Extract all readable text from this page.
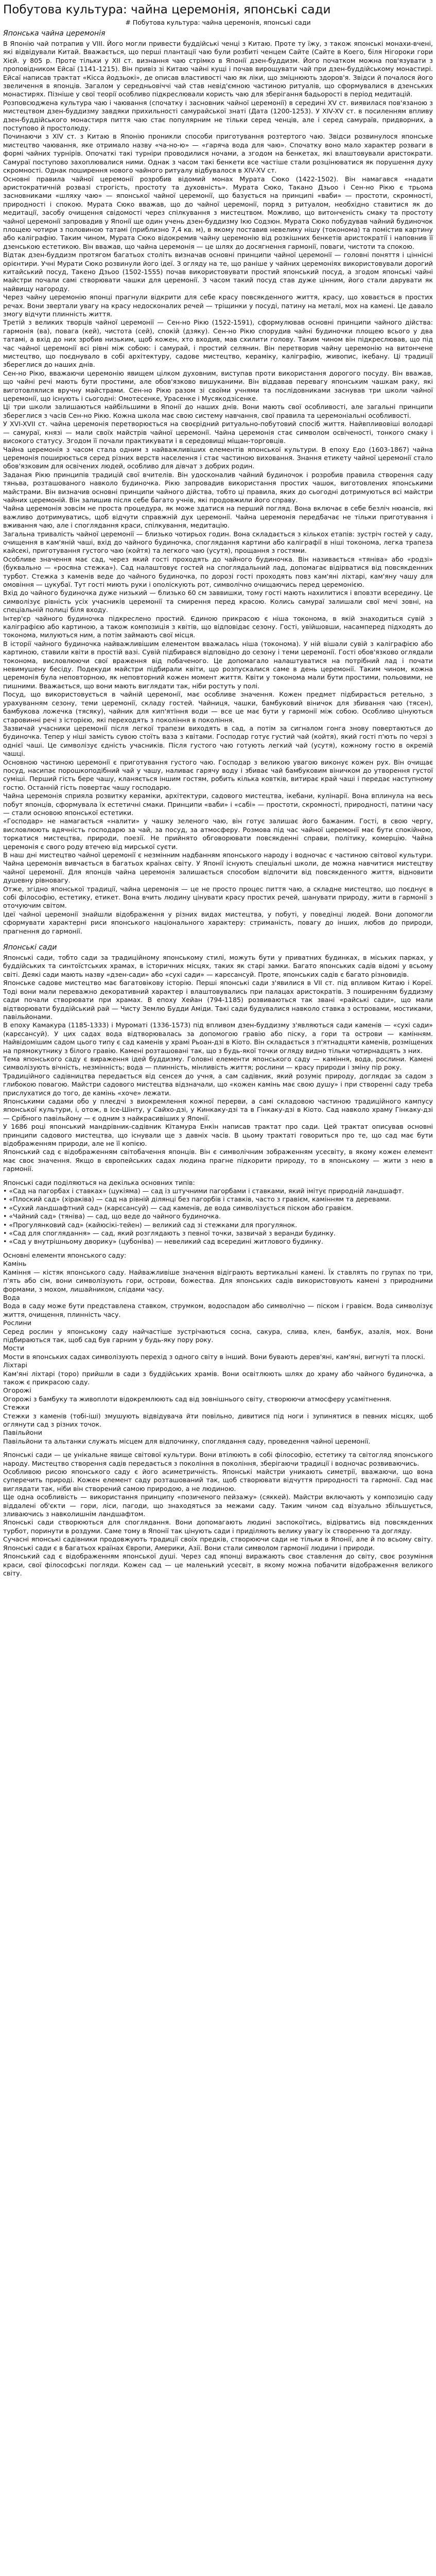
Побутова культура: чайна церемонія, японські сади
# Побутова культура: чайна церемонія, японські сади
Японська чайна церемонія

В Японію чай потрапив у VIII. Його могли привести буддійські ченці з Китаю. Проте ту їжу, з також японські монахи-вчені, які відвідували Китай. Вважається, що перші плантації чаю були розбиті ченцем Сайте (Сайте в Коего, біля Нігороки гори Хієй. у 805 р. Проте тільки у XII ст. визнання чаю стрімко в Японії дзен-буддизм. Його початком можна пов'язувати з проповідником Ейсаї (1141-1215). Він привіз зі Китаю чайні кущі і почав вирощувати чай при дзен-буддійському монастирі. Ейсаї написав трактат «Кісса йодзьокі», де описав властивості чаю як ліки, що зміцнюють здоров'я. Звідси й почалося його звеличення в японців. Загалом у середньовіччі чай став невід'ємною частиною ритуалів, що сформувалися в дзенських монастирях. Пізніше у свої теорії особливо підкреслювали користь чаю для зберігання бадьорості в період медитацій.

Розповсюджена культура чаю і чаювання (спочатку і засновник чайної церемонії) в середині XV ст. виявилася пов'язаною з мистецтвом дзен-буддизму завдяки прихильності самурайської знаті (Дата (1200-1253). У XIV-XV ст. в посиленням впливу дзен-буддійського монастиря пиття чаю стає популярним не тільки серед ченців, але і серед самураїв, придворних, а поступово й простолюду.

Починаючи з XIV ст. з Китаю в Японію проникли способи приготування розтертого чаю. Звідси розвинулося японське мистецтво чаювання, яке отримало назву «ча-но-ю» — «гаряча вода для чаю». Спочатку воно мало характер розваги в формі чайних турнірів. Опочаткі такі турніри проводилися ночами, а згодом на бенкетах, які влаштовували аристократи. Самураї поступово захоплювалися ними. Однак з часом такі бенкети все частіше стали розцінюватися як порушення духу скромності. Однак поширення нового чайного ритуалу відбувалося в XIV-XV ст.

Основні правила чайної церемонії розробив відомий монах Мурата Сюко (1422-1502). Він намагався «надати аристократичній розвазі строгість, простоту та духовність». Мурата Сюко, Такано Дзьоо і Сен-но Рікю є трьома засновниками «шляху чаю» — японської чайної церемонії, що базується на принципі «ваби» — простоти, скромності, природності і спокою. Мурата Сюко вважав, що до чайної церемонії, поряд з ритуалом, необхідно ставитися як до медитації, засобу очищення свідомості через спілкування з мистецтвом. Можливо, що витонченість смаку та простоту чайної церемонії запровадив у Японії ще один учень дзен-буддизму Ікю Содзюн. Мурата Сюко побудував чайний будиночок площею чотири з половиною татамі (приблизно 7,4 кв. м), в якому поставив невелику нішу (токонома) та помістив картину або каліграфію. Таким чином, Мурата Сюко відокремив чайну церемонію від розкішних бенкетів аристократії і наповнив її дзенською естетикою. Він вважав, що чайна церемонія — це шлях до досягнення гармонії, поваги, чистоти та спокою.

Відтак дзен-буддизм протягом багатьох століть визначав основні принципи чайної церемонії — головні поняття і ціннісні орієнтири. Учні Мурати Сюко розвинули його ідеї. З огляду на те, що раніше у чайних церемоніях використовували дорогий китайський посуд, Такено Дзьоо (1502-1555) почав використовувати простий японський посуд, а згодом японські чайні майстри почали самі створювати чашки для церемонії. З часом такий посуд став дуже цінним, його стали дарувати як найвищу нагороду.

Через чайну церемонію японці прагнули відкрити для себе красу повсякденного життя, красу, що ховається в простих речах. Вони звертали увагу на красу недосконалих речей — тріщинки у посуді, патину на металі, мох на камені. Це давало змогу відчути плинність життя.

Третій з великих творців чайної церемонії — Сен-но Рікю (1522-1591), сформулював основні принципи чайного дійства: гармонія (ва), повага (кей), чистота (сей), спокій (дзяку). Сен-но Рікю спорудив чайні будиночки площею всього у два татамі, а вхід до них зробив низьким, щоб кожен, хто входив, мав схилити голову. Таким чином він підкреслював, що під час чайної церемонії всі рівні між собою: і самурай, і простий селянин. Він перетворив чайну церемонію на витончене мистецтво, що поєднувало в собі архітектуру, садове мистецтво, кераміку, каліграфію, живопис, ікебану. Ці традиції збереглися до наших днів.

Сен-но Рікю, вважаючи церемонію явищем цілком духовним, виступав проти використання дорогого посуду. Він вважав, що чайні речі мають бути простими, але обов'язково вишуканими. Він віддавав перевагу японським чашкам раку, які виготовлялися вручну майстрами. Сен-но Рікю разом зі своїми учнями та послідовниками заснував три школи чайної церемонії, що існують і сьогодні: Омотесенке, Урасенке і Мусякодзісенке.

Ці три школи залишаються найбільшими в Японії до наших днів. Вони мають свої особливості, але загальні принципи збереглися з часів Сен-но Рікю. Кожна школа має свою систему навчання, свої правила та церемоніальні особливості.

У XVI-XVII ст. чайна церемонія перетворюється на своєрідний ритуально-побутовий спосіб життя. Найвпливовіші володарі — самураї, князі — мали своїх майстрів чайної церемонії. Чайна церемонія стає символом освіченості, тонкого смаку і високого статусу. Згодом її почали практикувати і в середовищі міщан-торговців.

Чайна церемонія з часом стала одним з найважливіших елементів японської культури. В епоху Едо (1603-1867) чайна церемонія поширюється серед різних верств населення і стає частиною виховання. Знання етикету чайної церемонії стало обов'язковим для освічених людей, особливо для дівчат з добрих родин.

Заданая Рікю принципів традицій свої вчителів. Він удосконалив чайний будиночок і розробив правила створення саду тяньва, розташованого навколо будиночка. Рікю запровадив використання простих чашок, виготовлених японськими майстрами. Він визначив основні принципи чайного дійства, тобто ці правила, яких до сьогодні дотримуються всі майстри чайних церемоній. Він залишив після себе багато учнів, які продовжили його справу.

Чайна церемонія зовсім не проста процедура, як може здатися на перший погляд. Вона включає в себе безліч нюансів, які важливо дотримуватись, щоб відчути справжній дух церемонії. Чайна церемонія передбачає не тільки приготування і вживання чаю, але і споглядання краси, спілкування, медитацію.

Загальна тривалість чайної церемонії — близько чотирьох годин. Вона складається з кількох етапів: зустріч гостей у саду, очищення в кам'яній чаші, вхід до чайного будиночка, споглядання картини або каліграфії в ніші токонома, легка трапеза кайсекі, приготування густого чаю (койтя) та легкого чаю (усутя), прощання з гостями.

Особливе значення має сад, через який гості проходять до чайного будиночка. Він називається «тяніва» або «родзі» (буквально — «росяна стежка»). Сад налаштовує гостей на споглядальний лад, допомагає відірватися від повсякденних турбот. Стежка з каменів веде до чайного будиночка, по дорозі гості проходять повз кам'яні ліхтарі, кам'яну чашу для омовіння — цукубаї. Тут гості миють руки і ополіскують рот, символічно очищаючись перед церемонією.

Вхід до чайного будиночка дуже низький — близько 60 см заввишки, тому гості мають нахилитися і вповзти всередину. Це символізує рівність усіх учасників церемонії та смирення перед красою. Колись самураї залишали свої мечі зовні, на спеціальній полиці біля входу.

Інтер'єр чайного будиночка підкреслено простий. Єдиною прикрасою є ніша токонома, в якій знаходиться сувій з каліграфією або картиною, а також композиція з квітів, що відповідає сезону. Гості, увійшовши, насамперед підходять до токонома, милуються ним, а потім займають свої місця.

В історії чайного будиночка найважливішим елементом вважалась ніша (токонома). У ній вішали сувій з каліграфією або картиною, ставили квіти в простій вазі. Сувій підбирався відповідно до сезону і теми церемонії. Гості обов'язково оглядали токонома, висловлюючи свої враження від побаченого. Це допомагало налаштуватися на потрібний лад і почати невимушену бесіду. Подекуди майстри підбирали квіти, що розпускалися саме в день церемонії. Таким чином, кожна церемонія була неповторною, як неповторний кожен момент життя. Квіти у токонома мали бути простими, польовими, не пишними. Вважається, що вони мають виглядати так, ніби ростуть у полі.

Посуд, що використовується в чайній церемонії, має особливе значення. Кожен предмет підбирається ретельно, з урахуванням сезону, теми церемонії, складу гостей. Чайниця, чашки, бамбуковий віничок для збивання чаю (тясен), бамбукова ложечка (тясяку), чайник для кип'ятіння води — все це має бути у гармонії між собою. Особливо цінуються старовинні речі з історією, які переходять з покоління в покоління.

Зазвичай учасники церемонії після легкої трапези виходять в сад, а потім за сигналом гонга знову повертаються до будиночка. Тепер у ніші замість сувою стоїть ваза з квітами. Господар готує густий чай (койтя), який гості п'ють по черзі з однієї чаші. Це символізує єдність учасників. Після густого чаю готують легкий чай (усутя), кожному гостю в окремій чашці.

Основною частиною церемонії є приготування густого чаю. Господар з великою увагою виконує кожен рух. Він очищає посуд, насипає порошкоподібний чай у чашу, наливає гарячу воду і збиває чай бамбуковим віничком до утворення густої суміші. Перший гість бере чашу, кланяється іншим гостям, робить кілька ковтків, витирає край чаші і передає наступному гостю. Останній гість повертає чашу господарю.

Чайна церемонія сприяла розвитку кераміки, архітектури, садового мистецтва, ікебани, кулінарії. Вона вплинула на весь побут японців, сформувала їх естетичні смаки. Принципи «ваби» і «сабі» — простоти, скромності, природності, патини часу — стали основою японської естетики.

«Господар» не намагається «налити» у чашку зеленого чаю, він готує залишає його бажаним. Гості, в свою чергу, висловлюють вдячність господарю за чай, за посуд, за атмосферу. Розмова під час чайної церемонії має бути спокійною, торкатися мистецтва, природи, поезії. Не прийнято обговорювати повсякденні справи, політику, комерцію. Чайна церемонія є свого роду втечею від мирської суєти.

В наш дні мистецтво чайної церемонії є незмінним надбанням японського народу і водночас є частиною світової культури. Чайна церемонія вивчається в багатьох країнах світу. У Японії існують спеціальні школи, де можна навчитися мистецтву чайної церемонії. Для японців чайна церемонія залишається способом відпочити від повсякденного життя, відновити душевну рівновагу.

Отже, згідно японської традиції, чайна церемонія — це не просто процес пиття чаю, а складне мистецтво, що поєднує в собі філософію, естетику, етикет. Вона вчить людину цінувати красу простих речей, шанувати природу, жити в гармонії з оточуючим світом.

Ідеї чайної церемонії знайшли відображення у різних видах мистецтва, у побуті, у поведінці людей. Вони допомогли сформувати характерні риси японського національного характеру: стриманість, повагу до інших, любов до природи, прагнення до гармонії.

Японські сади

Японські сади, тобто сади за традиційному японському стилі, можуть бути у приватних будинках, в міських парках, у буддійських та синтоїстських храмах, в історичних місцях, таких як старі замки. Багато японських садів відомі у всьому світі. Деякі сади мають назву «дзен-сади» або «сухі сади» — карєсансуй. Проте, японських садів є багато різновидів.

Японське садове мистецтво має багатовікову історію. Перші японські сади з'явилися в VII ст. під впливом Китаю і Кореї. Тоді вони мали переважно декоративний характер і влаштовувались при палацах аристократів. З поширенням буддизму сади почали створювати при храмах. В епоху Хейан (794-1185) розвиваються так звані «райські сади», що мали відтворювати буддійський рай — Чисту Землю Будди Аміди. Такі сади будувалися навколо ставка з островами, мостиками, павільйонами.

В епоху Камакура (1185-1333) і Муроматі (1336-1573) під впливом дзен-буддизму з'являються сади каменів — «сухі сади» (карєсансуй). У цих садах вода відтворювалась за допомогою гравію або піску, а гори та острови — камінням. Найвідомішим садом цього типу є сад каменів у храмі Рьоан-дзі в Кіото. Він складається з п'ятнадцяти каменів, розміщених на прямокутнику з білого гравію. Камені розташовані так, що з будь-якої точки огляду видно тільки чотирнадцять з них.

Тема японського саду є вираження ідей буддизму. Головні елементи японського саду — каміння, вода, рослини. Камені символізують вічність, незмінність; вода — плинність, мінливість життя; рослини — красу природи і зміну пір року.

Традиційного садівництва передається від сенсея до учня, а сам садівник, який розуміє природу, доглядає за садом з глибокою повагою. Майстри садового мистецтва відзначали, що «кожен камінь має свою душу» і при створенні саду треба прислухатися до того, де камінь «хоче» лежати.

Японськими садами обо у плеєдчі з виокремлення кожної перерви, а самі складовою частиною традиційного кампусу японської культури, і, отож, в Ісе-Шінту, у Сайхо-дзі, у Кинкаку-дзі та в Гінкаку-дзі в Кіото. Сад навколо храму Гінкаку-дзі — Срібного павільйону — є одним з найкрасивіших у Японії.

У 1686 році японський мандрівник-садівник Кітамура Енкін написав трактат про сади. Цей трактат описував основні принципи садового мистецтва, що існували ще з давніх часів. В цьому трактаті говориться про те, що сад має бути відображенням природи, але не її копією.

Японський сад є відображенням світобачення японців. Він є символічним зображенням усесвіту, в якому кожен елемент має своє значення. Якщо в європейських садах людина прагне підкорити природу, то в японському — жити з нею в гармонії.

Японські сади поділяються на декілька основних типів:

• «Сад на пагорбах і ставках» (цукіяма) — сад із штучними пагорбами і ставками, який імітує природній ландшафт.

• «Плоский сад» (хіраківа) — сад на рівній ділянці без пагорбів і ставків, часто з гравієм, камінням та деревами.

• «Сухий ландшафтний сад» (карєсансуй) — сад каменів, де вода символізується піском або гравієм.

• «Чайний сад» (тяніва) — сад, що веде до чайного будиночка.

• «Прогулянковий сад» (кайюсікі-тейен) — великий сад зі стежками для прогулянок.

• «Сад для споглядання» — сад, який розглядають з певної точки, зазвичай з веранди будинку.

• «Сад у внутрішньому дворику» (цубоніва) — невеликий сад всередині житлового будинку.

Основні елементи японського саду:

Камінь

Каміння — кістяк японського саду. Найважливіше значення відіграють вертикальні камені. Їх ставлять по групах по три, п'ять або сім, вони символізують гори, острови, божества. Для японських садів використовують камені з природними формами, з мохом, лишайником, слідами часу.

Вода

Вода в саду може бути представлена ставком, струмком, водоспадом або символічно — піском і гравієм. Вода символізує життя, очищення, плинність часу.

Рослини

Серед рослин у японському саду найчастіше зустрічаються сосна, сакура, слива, клен, бамбук, азалія, мох. Вони підбираються так, щоб сад був гарним у будь-яку пору року.

Мости

Мости в японських садах символізують перехід з одного світу в інший. Вони бувають дерев'яні, кам'яні, вигнуті та плоскі.

Ліхтарі

Кам'яні ліхтарі (торо) прийшли в сади з буддійських храмів. Вони освітлюють шлях до храму або чайного будиночка, а також є прикрасою саду.

Огорожі

Огорожі з бамбуку та живоплоти відокремлюють сад від зовнішнього світу, створюючи атмосферу усамітнення.

Стежки

Стежки з каменів (тобі-іші) змушують відвідувача йти повільно, дивитися під ноги і зупинятися в певних місцях, щоб оглянути сад з різних точок.

Павільйони

Павільйони та альтанки служать місцем для відпочинку, споглядання саду, проведення чайної церемонії.

Японські сади — це унікальне явище світової культури. Вони втілюють в собі філософію, естетику та світогляд японського народу. Мистецтво створення садів передається з покоління в покоління, зберігаючи традиції і водночас розвиваючись.

Особливою рисою японського саду є його асиметричність. Японські майстри уникають симетрії, вважаючи, що вона суперечить природі. Кожен елемент саду розташований так, щоб створювати відчуття природності та гармонії. Сад має виглядати так, ніби він створений самою природою, а не людиною.

Ще одна особливість — використання принципу «позиченого пейзажу» (сяккей). Майстри включають у композицію саду віддалені об'єкти — гори, ліси, пагоди, що знаходяться за межами саду. Таким чином сад візуально збільшується, зливаючись з навколишнім ландшафтом.

Японські сади створюються для споглядання. Вони допомагають людині заспокоїтись, відірватись від повсякденних турбот, поринути в роздуми. Саме тому в Японії так цінують сади і приділяють велику увагу їх створенню та догляду.

Сучасні японські садівники продовжують традиції своїх предків, створюючи сади не тільки в Японії, але й по всьому світу. Японські сади є в багатьох країнах Європи, Америки, Азії. Вони стали символом гармонії людини і природи.

Японський сад є відображенням японської душі. Через сад японці виражають своє ставлення до світу, своє розуміння краси, свої філософські погляди. Кожен сад — це маленький усесвіт, в якому можна побачити відображення великого світу.
